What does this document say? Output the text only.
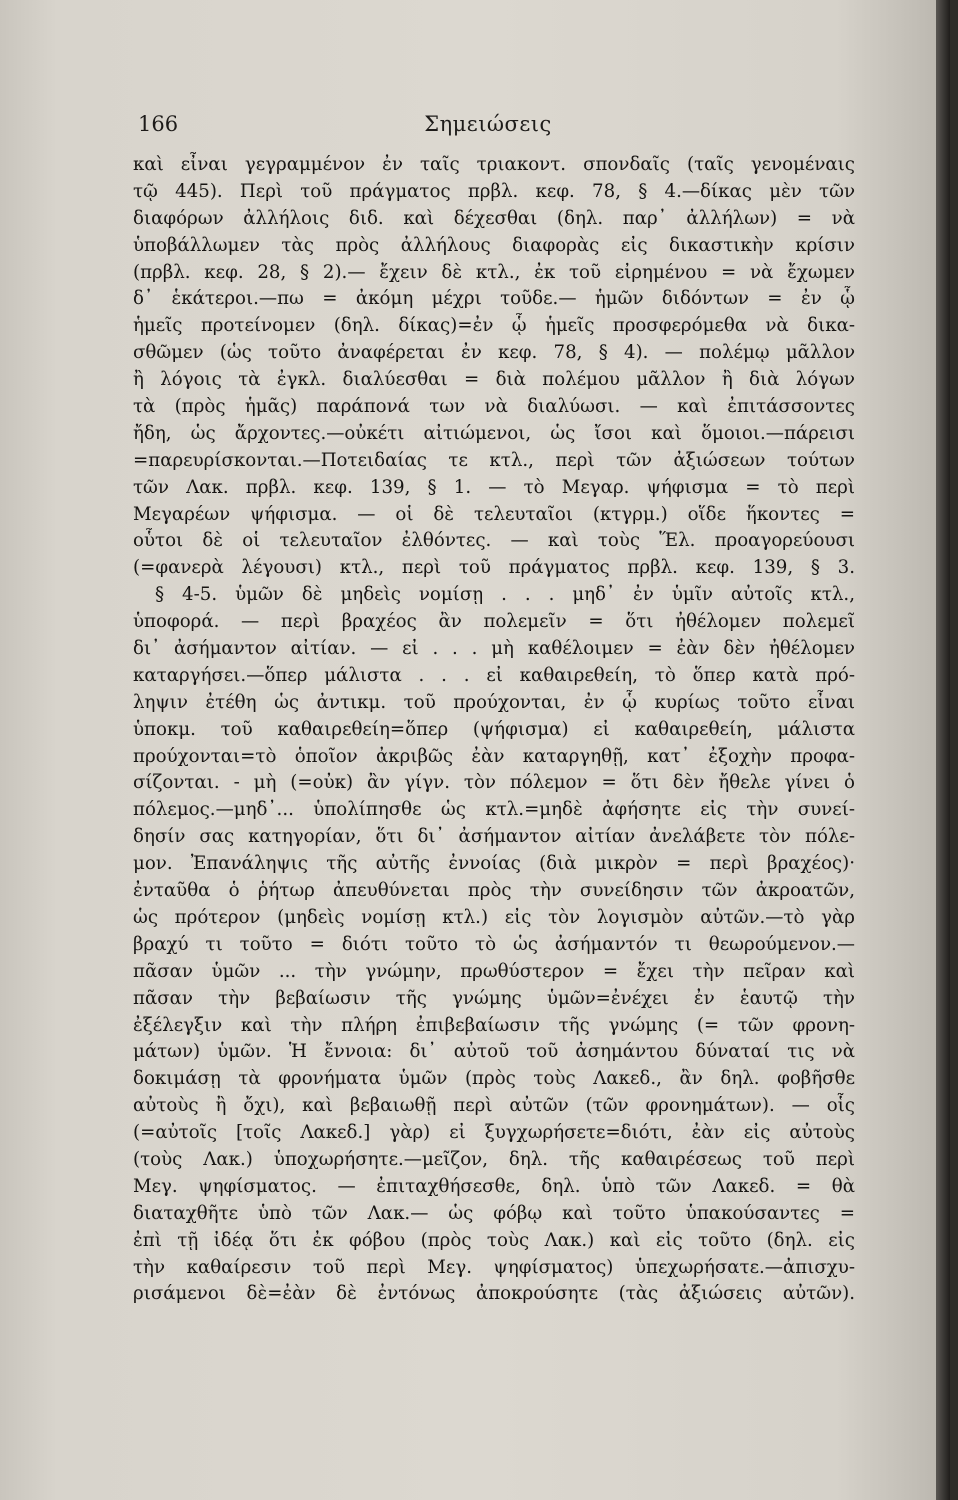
166	Σημειώσεις
καὶ εἶναι γεγραμμένον ἐν ταῖς τριακοντ. σπονδαῖς (ταῖς γενομέναις
τῷ 445). Περὶ τοῦ πράγματος πρβλ. κεφ. 78, § 4.—δίκας μὲν τῶν
διαφόρων ἀλλήλοις διδ. καὶ δέχεσθαι (δηλ. παρ᾽ ἀλλήλων) = νὰ
ὑποβάλλωμεν τὰς πρὸς ἀλλήλους διαφορὰς εἰς δικαστικὴν κρίσιν
(πρβλ. κεφ. 28, § 2).— ἔχειν δὲ κτλ., ἐκ τοῦ εἰρημένου = νὰ ἔχωμεν
δ᾽ ἑκάτεροι.—πω = ἀκόμη μέχρι τοῦδε.— ἡμῶν διδόντων = ἐν ᾧ
ἡμεῖς προτείνομεν (δηλ. δίκας)=ἐν ᾧ ἡμεῖς προσφερόμεθα νὰ δικα-
σθῶμεν (ὡς τοῦτο ἀναφέρεται ἐν κεφ. 78, § 4). — πολέμῳ μᾶλλον
ἢ λόγοις τὰ ἐγκλ. διαλύεσθαι = διὰ πολέμου μᾶλλον ἢ διὰ λόγων
τὰ (πρὸς ἡμᾶς) παράπονά των νὰ διαλύωσι. — καὶ ἐπιτάσσοντες
ἤδη, ὡς ἄρχοντες.—οὐκέτι αἰτιώμενοι, ὡς ἴσοι καὶ ὅμοιοι.—πάρεισι
=παρευρίσκονται.—Ποτειδαίας τε κτλ., περὶ τῶν ἀξιώσεων τούτων
τῶν Λακ. πρβλ. κεφ. 139, § 1. — τὸ Μεγαρ. ψήφισμα = τὸ περὶ
Μεγαρέων ψήφισμα. — οἱ δὲ τελευταῖοι (κτγρμ.) οἵδε ἥκοντες =
οὗτοι δὲ οἱ τελευταῖον ἐλθόντες. — καὶ τοὺς Ἕλ. προαγορεύουσι
(=φανερὰ λέγουσι) κτλ., περὶ τοῦ πράγματος πρβλ. κεφ. 139, § 3.
§ 4-5. ὑμῶν δὲ μηδεὶς νομίσῃ . . . μηδ᾽ ἐν ὑμῖν αὐτοῖς κτλ.,
ὑποφορά. — περὶ βραχέος ἂν πολεμεῖν = ὅτι ἠθέλομεν πολεμεῖ
δι᾽ ἀσήμαντον αἰτίαν. — εἰ . . . μὴ καθέλοιμεν = ἐὰν δὲν ἠθέλομεν
καταργήσει.—ὅπερ μάλιστα . . . εἰ καθαιρεθείη, τὸ ὅπερ κατὰ πρό-
ληψιν ἐτέθη ὡς ἀντικμ. τοῦ προύχονται, ἐν ᾧ κυρίως τοῦτο εἶναι
ὑποκμ. τοῦ καθαιρεθείη=ὅπερ (ψήφισμα) εἰ καθαιρεθείη, μάλιστα
προύχονται=τὸ ὁποῖον ἀκριβῶς ἐὰν καταργηθῇ, κατ᾽ ἐξοχὴν προφα-
σίζονται. - μὴ (=οὐκ) ἂν γίγν. τὸν πόλεμον = ὅτι δὲν ἤθελε γίνει ὁ
πόλεμος.—μηδ᾽... ὑπολίπησθε ὡς κτλ.=μηδὲ ἀφήσητε εἰς τὴν συνεί-
δησίν σας κατηγορίαν, ὅτι δι᾽ ἀσήμαντον αἰτίαν ἀνελάβετε τὸν πόλε-
μον. Ἐπανάληψις τῆς αὐτῆς ἐννοίας (διὰ μικρὸν = περὶ βραχέος)·
ἐνταῦθα ὁ ῥήτωρ ἀπευθύνεται πρὸς τὴν συνείδησιν τῶν ἀκροατῶν,
ὡς πρότερον (μηδεὶς νομίσῃ κτλ.) εἰς τὸν λογισμὸν αὐτῶν.—τὸ γὰρ
βραχύ τι τοῦτο = διότι τοῦτο τὸ ὡς ἀσήμαντόν τι θεωρούμενον.—
πᾶσαν ὑμῶν ... τὴν γνώμην, πρωθύστερον = ἔχει τὴν πεῖραν καὶ
πᾶσαν τὴν βεβαίωσιν τῆς γνώμης ὑμῶν=ἐνέχει ἐν ἑαυτῷ τὴν
ἐξέλεγξιν καὶ τὴν πλήρη ἐπιβεβαίωσιν τῆς γνώμης (= τῶν φρονη-
μάτων) ὑμῶν. Ἡ ἔννοια: δι᾽ αὐτοῦ τοῦ ἀσημάντου δύναταί τις νὰ
δοκιμάσῃ τὰ φρονήματα ὑμῶν (πρὸς τοὺς Λακεδ., ἂν δηλ. φοβῆσθε
αὐτοὺς ἢ ὄχι), καὶ βεβαιωθῇ περὶ αὐτῶν (τῶν φρονημάτων). — οἷς
(=αὐτοῖς [τοῖς Λακεδ.] γὰρ) εἰ ξυγχωρήσετε=διότι, ἐὰν εἰς αὐτοὺς
(τοὺς Λακ.) ὑποχωρήσητε.—μεῖζον, δηλ. τῆς καθαιρέσεως τοῦ περὶ
Μεγ. ψηφίσματος. — ἐπιταχθήσεσθε, δηλ. ὑπὸ τῶν Λακεδ. = θὰ
διαταχθῆτε ὑπὸ τῶν Λακ.— ὡς φόβῳ καὶ τοῦτο ὑπακούσαντες =
ἐπὶ τῇ ἰδέᾳ ὅτι ἐκ φόβου (πρὸς τοὺς Λακ.) καὶ εἰς τοῦτο (δηλ. εἰς
τὴν καθαίρεσιν τοῦ περὶ Μεγ. ψηφίσματος) ὑπεχωρήσατε.—ἀπισχυ-
ρισάμενοι δὲ=ἐὰν δὲ ἐντόνως ἀποκρούσητε (τὰς ἀξιώσεις αὐτῶν).
